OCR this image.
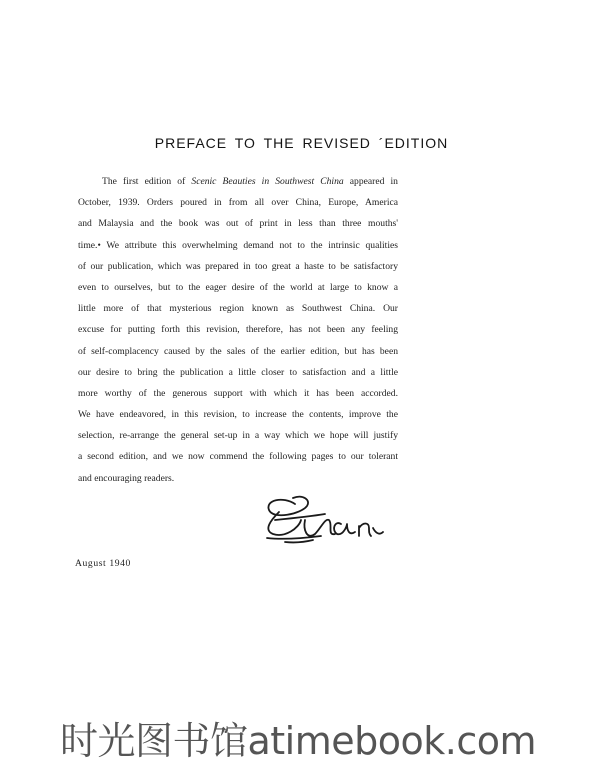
PREFACE TO THE REVISED ´EDITION
The first edition of Scenic Beauties in Southwest China appeared in
October, 1939. Orders poured in from all over China, Europe, America
and Malaysia and the book was out of print in less than three mouths'
time.• We attribute this overwhelming demand not to the intrinsic qualities
of our publication, which was prepared in too great a haste to be satisfactory
even to ourselves, but to the eager desire of the world at large to know a
little more of that mysterious region known as Southwest China. Our
excuse for putting forth this revision, therefore, has not been any feeling
of self-complacency caused by the sales of the earlier edition, but has been
our desire to bring the publication a little closer to satisfaction and a little
more worthy of the generous support with which it has been accorded.
We have endeavored, in this revision, to increase the contents, improve the
selection, re-arrange the general set-up in a way which we hope will justify
a second edition, and we now commend the following pages to our tolerant
and encouraging readers.
August 1940
时光图书馆atimebook.com
